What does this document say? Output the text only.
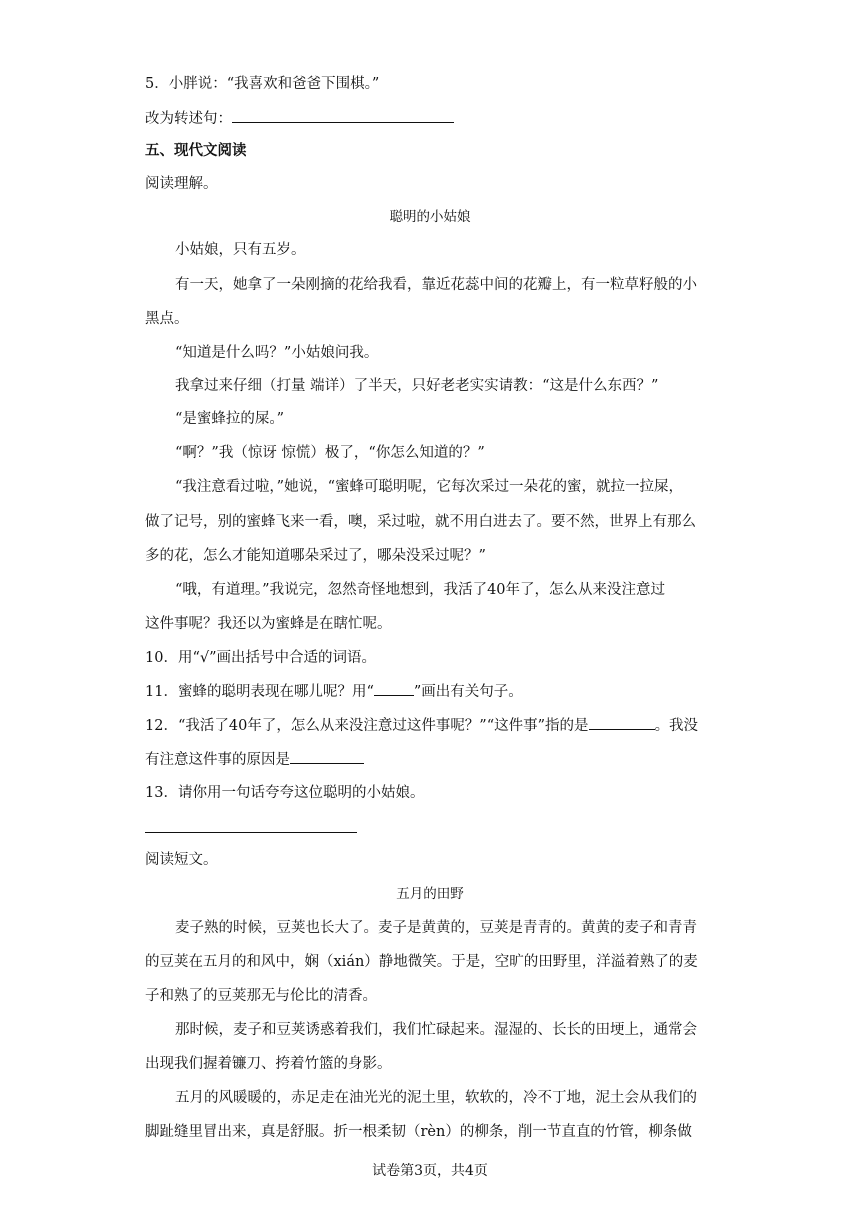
5．小胖说：“我喜欢和爸爸下围棋。”
改为转述句：
五、现代文阅读
阅读理解。
聪明的小姑娘
小姑娘，只有五岁。
有一天，她拿了一朵刚摘的花给我看，靠近花蕊中间的花瓣上，有一粒草籽般的小
黑点。
“知道是什么吗？”小姑娘问我。
我拿过来仔细（打量 端详）了半天，只好老老实实请教：“这是什么东西？”
“是蜜蜂拉的屎。”
“啊？”我（惊讶 惊慌）极了，“你怎么知道的？”
“我注意看过啦，”她说，“蜜蜂可聪明呢，它每次采过一朵花的蜜，就拉一拉屎，
做了记号，别的蜜蜂飞来一看，噢，采过啦，就不用白进去了。要不然，世界上有那么
多的花，怎么才能知道哪朵采过了，哪朵没采过呢？”
“哦，有道理。”我说完，忽然奇怪地想到，我活了40年了，怎么从来没注意过
这件事呢？我还以为蜜蜂是在瞎忙呢。
10．用“√”画出括号中合适的词语。
11．蜜蜂的聪明表现在哪儿呢？用“	”画出有关句子。
12．“我活了40年了，怎么从来没注意过这件事呢？”“这件事”指的是	。我没
有注意这件事的原因是
13．请你用一句话夸夸这位聪明的小姑娘。
阅读短文。
五月的田野
麦子熟的时候，豆荚也长大了。麦子是黄黄的，豆荚是青青的。黄黄的麦子和青青
的豆荚在五月的和风中，娴（xián）静地微笑。于是，空旷的田野里，洋溢着熟了的麦
子和熟了的豆荚那无与伦比的清香。
那时候，麦子和豆荚诱惑着我们，我们忙碌起来。湿湿的、长长的田埂上，通常会
出现我们握着镰刀、挎着竹篮的身影。
五月的风暖暖的，赤足走在油光光的泥土里，软软的，冷不丁地，泥土会从我们的
脚趾缝里冒出来，真是舒服。折一根柔韧（rèn）的柳条，削一节直直的竹管，柳条做
试卷第3页，共4页
